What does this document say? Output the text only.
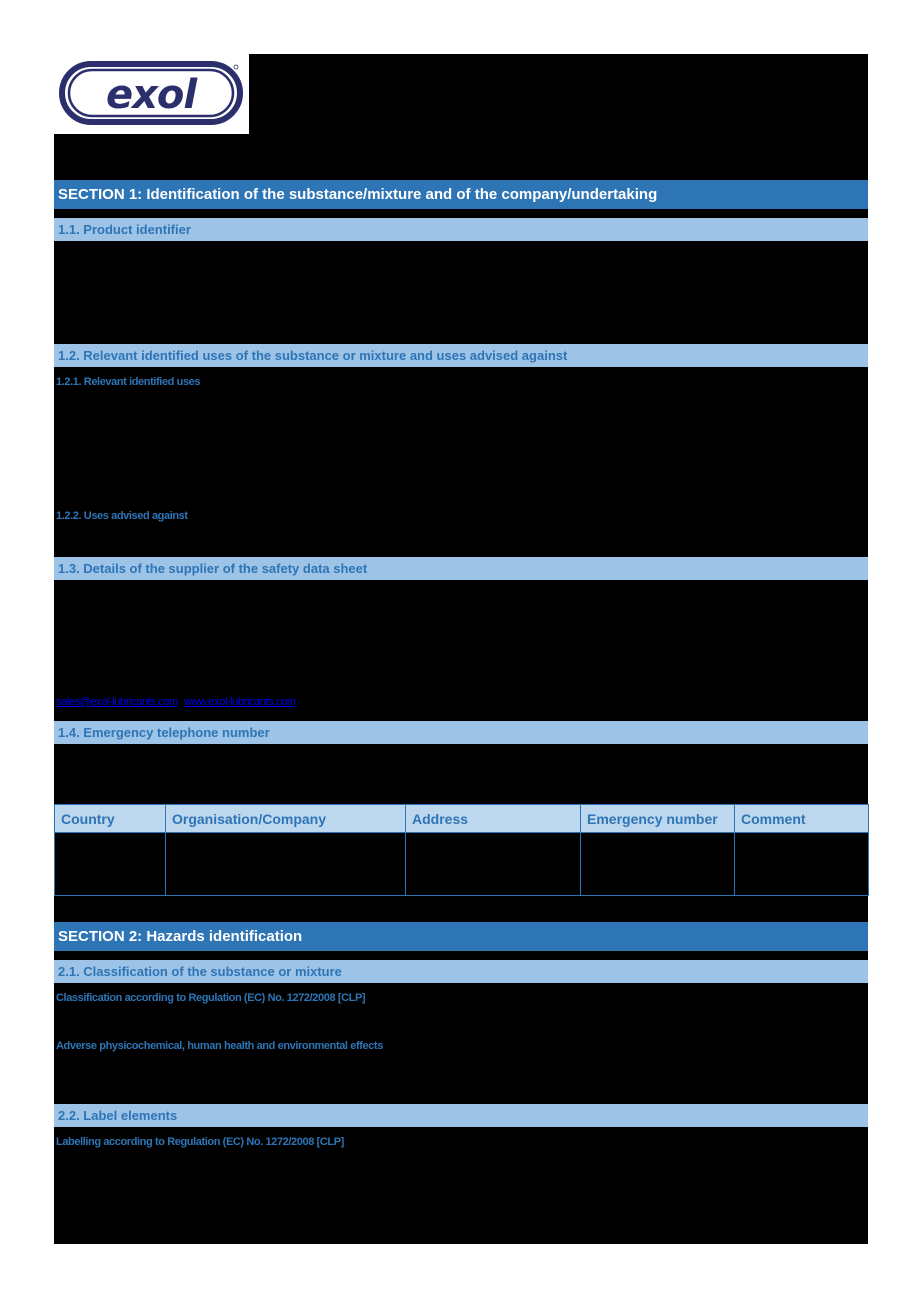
exol
SECTION 1: Identification of the substance/mixture and of the company/undertaking
1.1. Product identifier
1.2. Relevant identified uses of the substance or mixture and uses advised against
1.2.1. Relevant identified uses
1.2.2. Uses advised against
1.3. Details of the supplier of the safety data sheet
sales@exol-lubricants.com, www.exol-lubricants.com
1.4. Emergency telephone number
Country	Organisation/Company	Address	Emergency number	Comment

SECTION 2: Hazards identification
2.1. Classification of the substance or mixture
Classification according to Regulation (EC) No. 1272/2008 [CLP]
Adverse physicochemical, human health and environmental effects
2.2. Label elements
Labelling according to Regulation (EC) No. 1272/2008 [CLP]
